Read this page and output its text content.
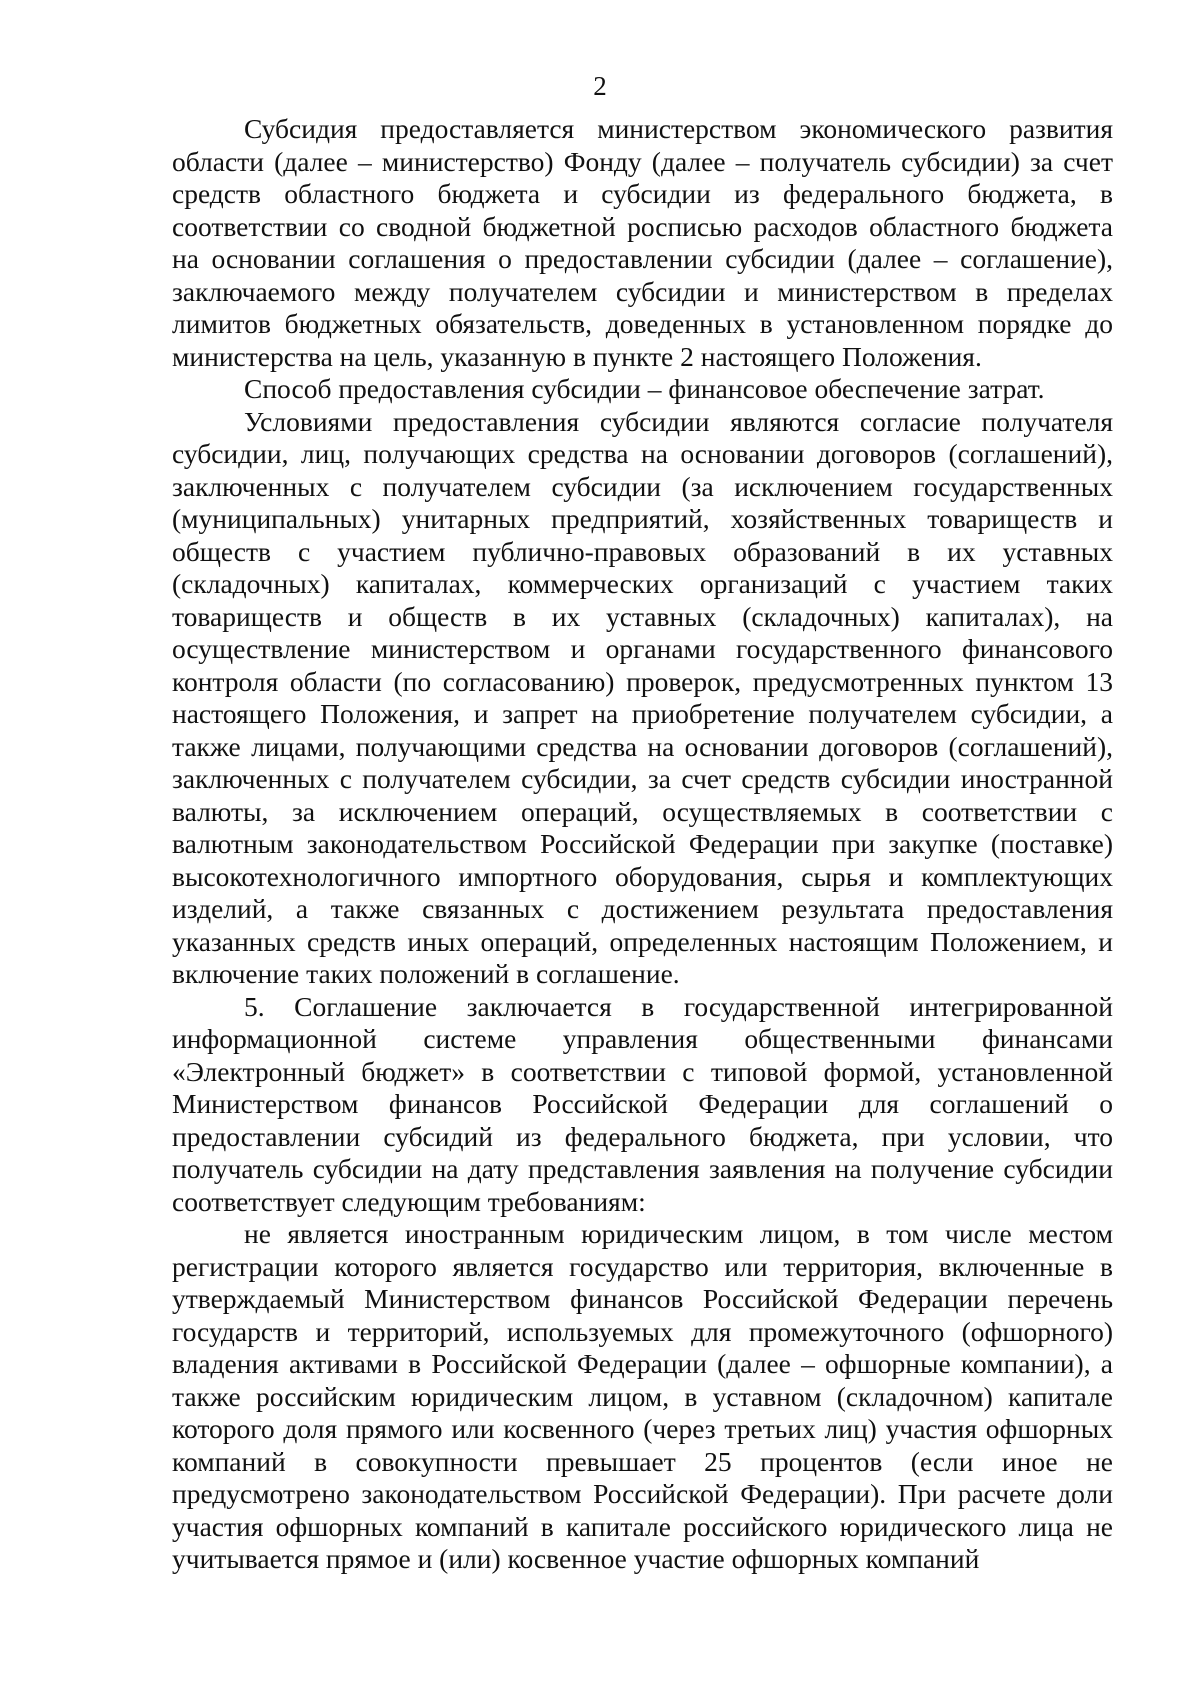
2

Субсидия предоставляется министерством экономического развития области (далее – министерство) Фонду (далее – получатель субсидии) за счет средств областного бюджета и субсидии из федерального бюджета, в соответствии со сводной бюджетной росписью расходов областного бюджета на основании соглашения о предоставлении субсидии (далее – соглашение), заключаемого между получателем субсидии и министерством в пределах лимитов бюджетных обязательств, доведенных в установленном порядке до министерства на цель, указанную в пункте 2 настоящего Положения.

Способ предоставления субсидии – финансовое обеспечение затрат.

Условиями предоставления субсидии являются согласие получателя субсидии, лиц, получающих средства на основании договоров (соглашений), заключенных с получателем субсидии (за исключением государственных (муниципальных) унитарных предприятий, хозяйственных товариществ и обществ с участием публично-правовых образований в их уставных (складочных) капиталах, коммерческих организаций с участием таких товариществ и обществ в их уставных (складочных) капиталах), на осуществление министерством и органами государственного финансового контроля области (по согласованию) проверок, предусмотренных пунктом 13 настоящего Положения, и запрет на приобретение получателем субсидии, а также лицами, получающими средства на основании договоров (соглашений), заключенных с получателем субсидии, за счет средств субсидии иностранной валюты, за исключением операций, осуществляемых в соответствии с валютным законодательством Российской Федерации при закупке (поставке) высокотехнологичного импортного оборудования, сырья и комплектующих изделий, а также связанных с достижением результата предоставления указанных средств иных операций, определенных настоящим Положением, и включение таких положений в соглашение.

5. Соглашение заключается в государственной интегрированной информационной системе управления общественными финансами «Электронный бюджет» в соответствии с типовой формой, установленной Министерством финансов Российской Федерации для соглашений о предоставлении субсидий из федерального бюджета, при условии, что получатель субсидии на дату представления заявления на получение субсидии соответствует следующим требованиям:

не является иностранным юридическим лицом, в том числе местом регистрации которого является государство или территория, включенные в утверждаемый Министерством финансов Российской Федерации перечень государств и территорий, используемых для промежуточного (офшорного) владения активами в Российской Федерации (далее – офшорные компании), а также российским юридическим лицом, в уставном (складочном) капитале которого доля прямого или косвенного (через третьих лиц) участия офшорных компаний в совокупности превышает 25 процентов (если иное не предусмотрено законодательством Российской Федерации). При расчете доли участия офшорных компаний в капитале российского юридического лица не учитывается прямое и (или) косвенное участие офшорных компаний
